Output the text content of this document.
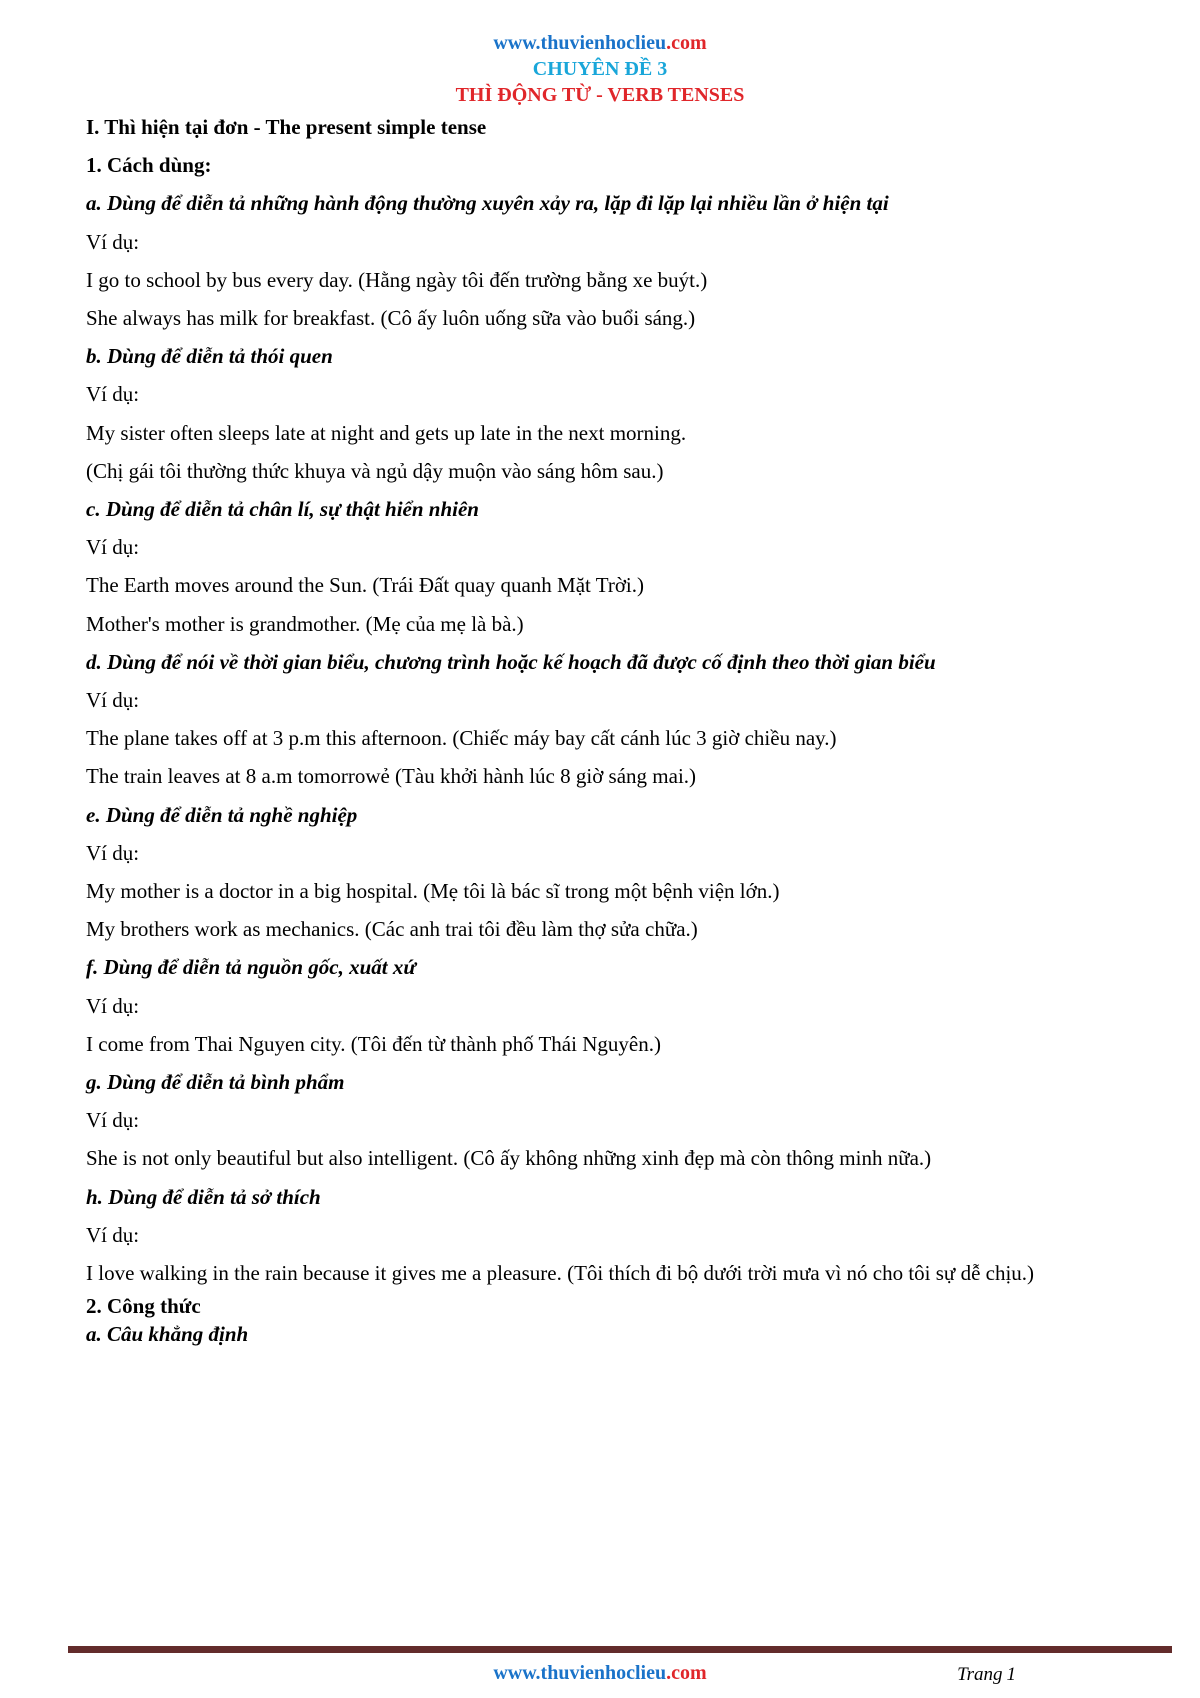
www.thuvienhoclieu.com
CHUYÊN ĐỀ 3
THÌ ĐỘNG TỪ - VERB TENSES
I. Thì hiện tại đơn - The present simple tense
1. Cách dùng:
a. Dùng để diễn tả những hành động thường xuyên xảy ra, lặp đi lặp lại nhiều lần ở hiện tại
Ví dụ:
I go to school by bus every day. (Hằng ngày tôi đến trường bằng xe buýt.)
She always has milk for breakfast. (Cô ấy luôn uống sữa vào buổi sáng.)
b. Dùng để diễn tả thói quen
Ví dụ:
My sister often sleeps late at night and gets up late in the next morning.
(Chị gái tôi thường thức khuya và ngủ dậy muộn vào sáng hôm sau.)
c. Dùng để diễn tả chân lí, sự thật hiển nhiên
Ví dụ:
The Earth moves around the Sun. (Trái Đất quay quanh Mặt Trời.)
Mother's mother is grandmother. (Mẹ của mẹ là bà.)
d. Dùng để nói về thời gian biểu, chương trình hoặc kế hoạch đã được cố định theo thời gian biểu
Ví dụ:
The plane takes off at 3 p.m this afternoon. (Chiếc máy bay cất cánh lúc 3 giờ chiều nay.)
The train leaves at 8 a.m tomorrowẻ (Tàu khởi hành lúc 8 giờ sáng mai.)
e. Dùng để diễn tả nghề nghiệp
Ví dụ:
My mother is a doctor in a big hospital. (Mẹ tôi là bác sĩ trong một bệnh viện lớn.)
My brothers work as mechanics. (Các anh trai tôi đều làm thợ sửa chữa.)
f. Dùng để diễn tả nguồn gốc, xuất xứ
Ví dụ:
I come from Thai Nguyen city. (Tôi đến từ thành phố Thái Nguyên.)
g. Dùng để diễn tả bình phẩm
Ví dụ:
She is not only beautiful but also intelligent. (Cô ấy không những xinh đẹp mà còn thông minh nữa.)
h. Dùng để diễn tả sở thích
Ví dụ:
I love walking in the rain because it gives me a pleasure. (Tôi thích đi bộ dưới trời mưa vì nó cho tôi sự dễ chịu.)
2. Công thức
a. Câu khẳng định
www.thuvienhoclieu.com	Trang 1
